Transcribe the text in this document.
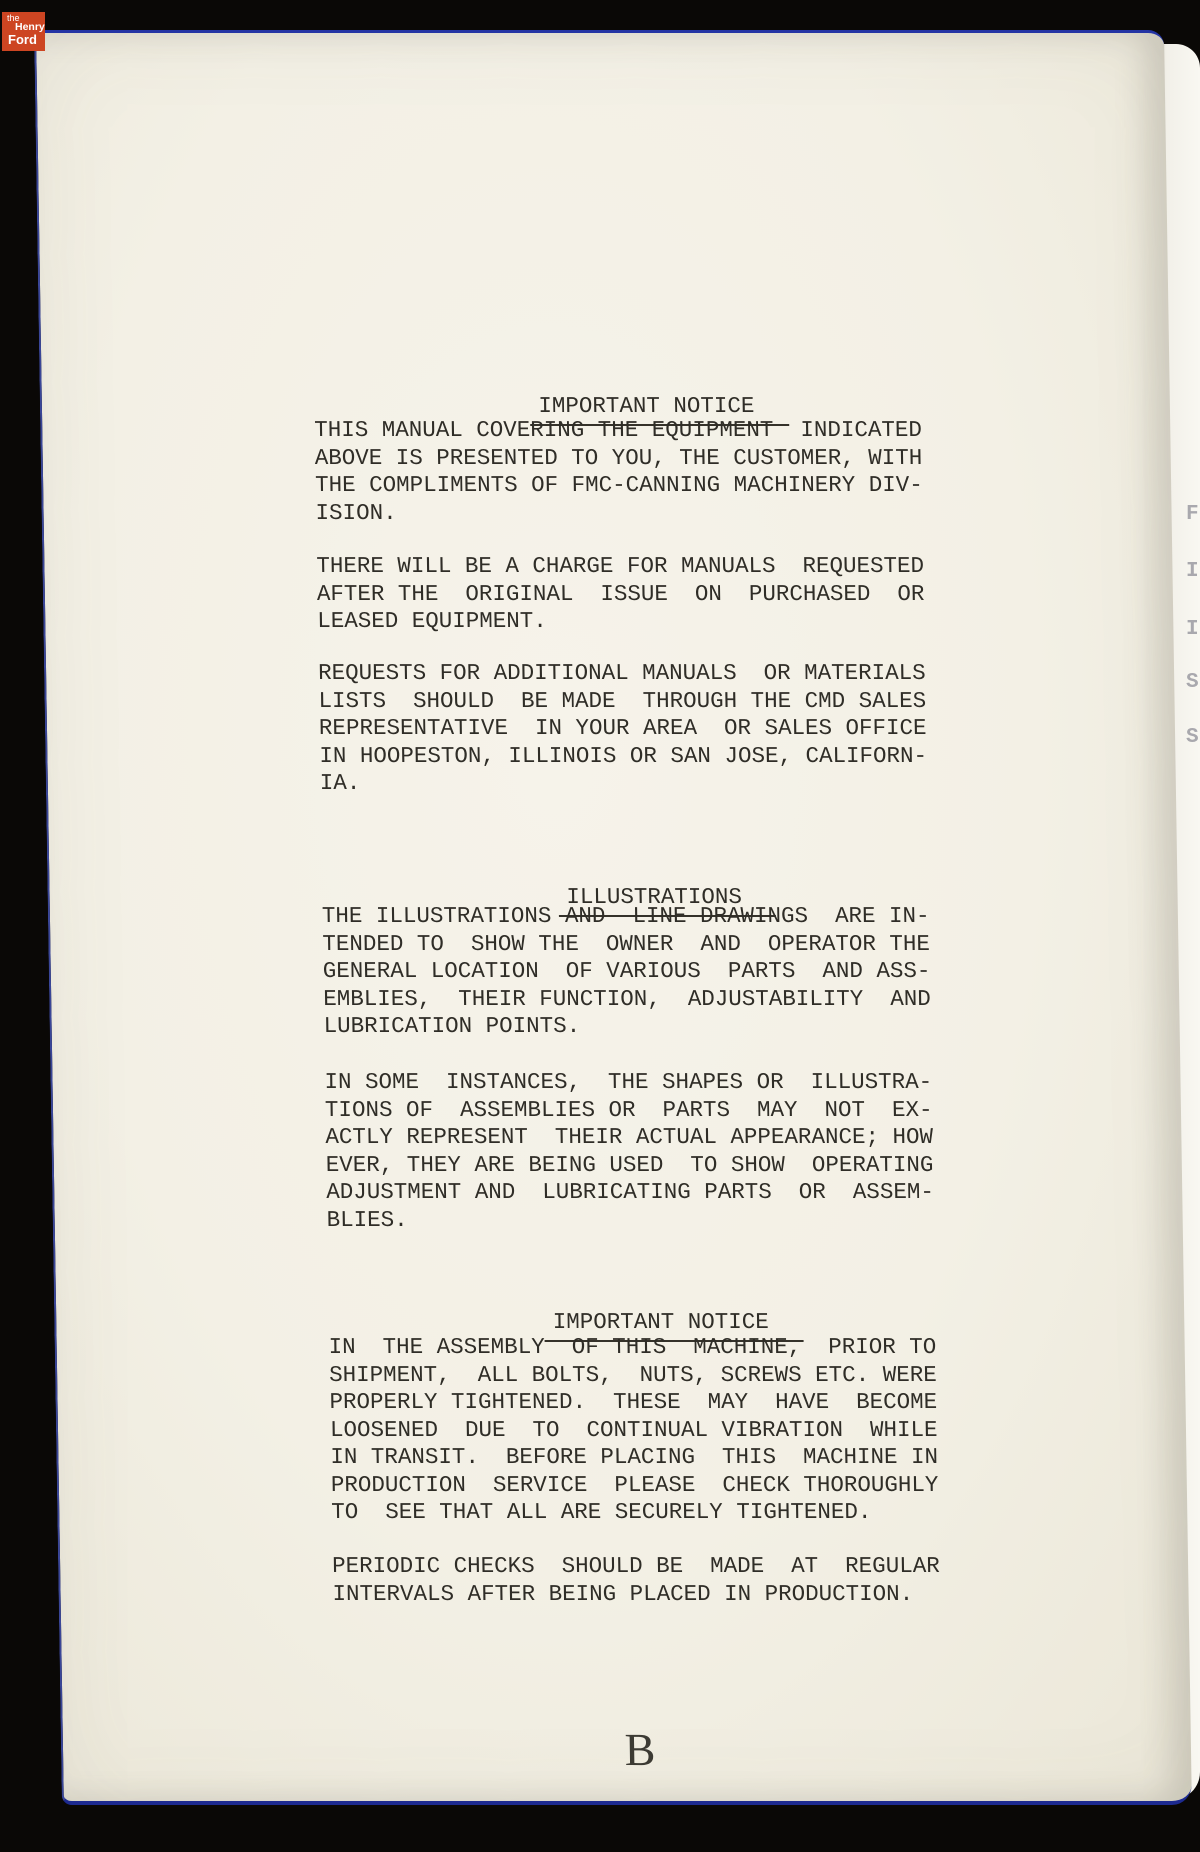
F
I
I
S
S

IMPORTANT NOTICE

THIS MANUAL COVERING THE EQUIPMENT  INDICATED
ABOVE IS PRESENTED TO YOU, THE CUSTOMER, WITH
THE COMPLIMENTS OF FMC-CANNING MACHINERY DIV-
ISION.
THERE WILL BE A CHARGE FOR MANUALS  REQUESTED
AFTER THE  ORIGINAL  ISSUE  ON  PURCHASED  OR
LEASED EQUIPMENT.
REQUESTS FOR ADDITIONAL MANUALS  OR MATERIALS
LISTS  SHOULD  BE MADE  THROUGH THE CMD SALES
REPRESENTATIVE  IN YOUR AREA  OR SALES OFFICE
IN HOOPESTON, ILLINOIS OR SAN JOSE, CALIFORN-
IA.

ILLUSTRATIONS

THE ILLUSTRATIONS AND  LINE DRAWINGS  ARE IN-
TENDED TO  SHOW THE  OWNER  AND  OPERATOR THE
GENERAL LOCATION  OF VARIOUS  PARTS  AND ASS-
EMBLIES,  THEIR FUNCTION,  ADJUSTABILITY  AND
LUBRICATION POINTS.
IN SOME  INSTANCES,  THE SHAPES OR  ILLUSTRA-
TIONS OF  ASSEMBLIES OR  PARTS  MAY  NOT  EX-
ACTLY REPRESENT  THEIR ACTUAL APPEARANCE; HOW
EVER, THEY ARE BEING USED  TO SHOW  OPERATING
ADJUSTMENT AND  LUBRICATING PARTS  OR  ASSEM-
BLIES.

IMPORTANT NOTICE

IN  THE ASSEMBLY  OF THIS  MACHINE,  PRIOR TO
SHIPMENT,  ALL BOLTS,  NUTS, SCREWS ETC. WERE
PROPERLY TIGHTENED.  THESE  MAY  HAVE  BECOME
LOOSENED  DUE  TO  CONTINUAL VIBRATION  WHILE
IN TRANSIT.  BEFORE PLACING  THIS  MACHINE IN
PRODUCTION  SERVICE  PLEASE  CHECK THOROUGHLY
TO  SEE THAT ALL ARE SECURELY TIGHTENED.
PERIODIC CHECKS  SHOULD BE  MADE  AT  REGULAR
INTERVALS AFTER BEING PLACED IN PRODUCTION.
B
the
Henry
Ford
